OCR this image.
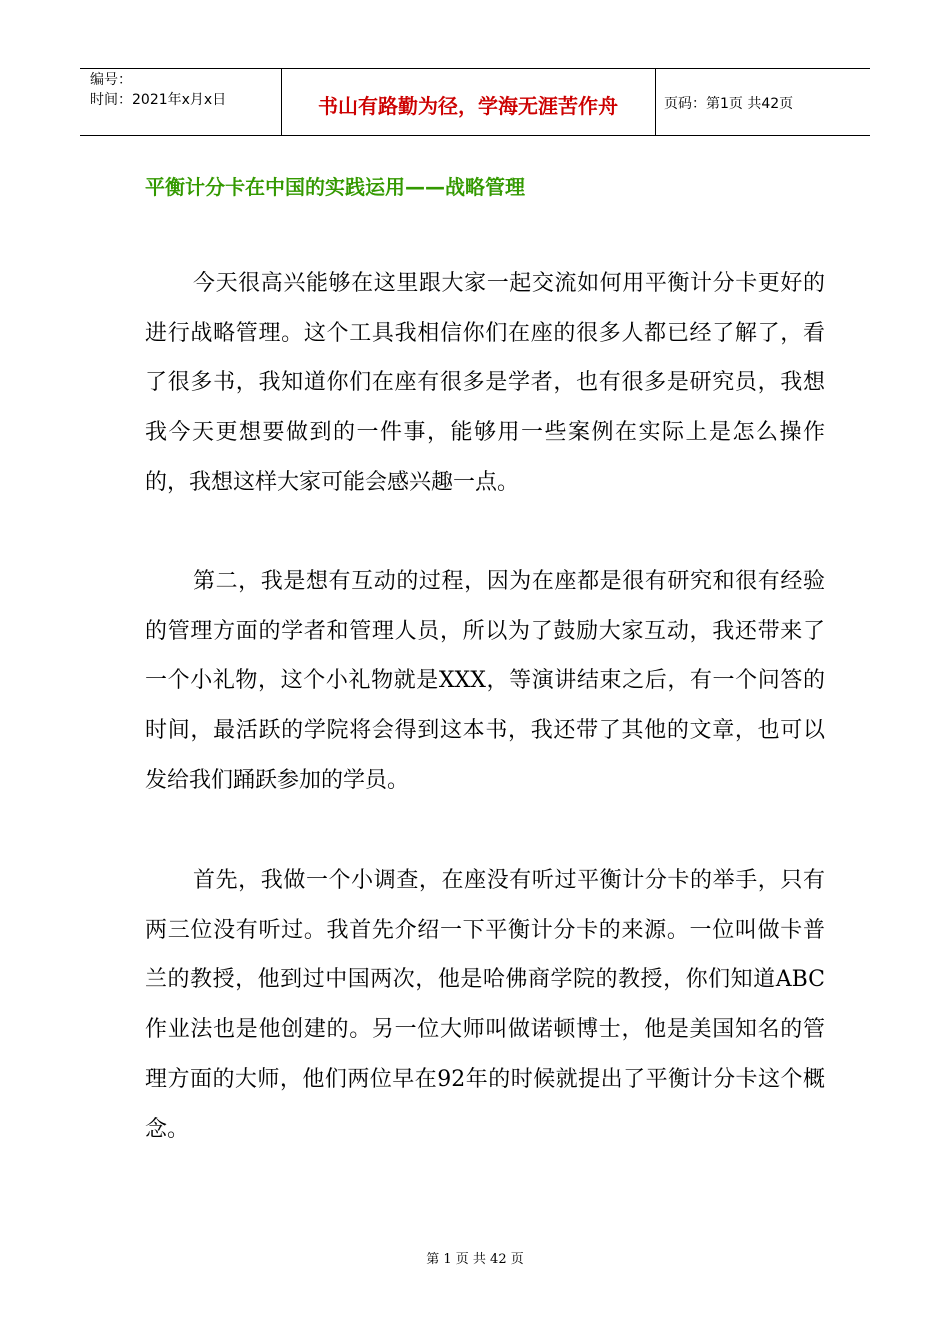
编号：
时间：2021年x月x日	书山有路勤为径，学海无涯苦作舟	页码：第1页 共42页
平衡计分卡在中国的实践运用——战略管理

今天很高兴能够在这里跟大家一起交流如何用平衡计分卡更好的进行战略管理。这个工具我相信你们在座的很多人都已经了解了，看了很多书，我知道你们在座有很多是学者，也有很多是研究员，我想我今天更想要做到的一件事，能够用一些案例在实际上是怎么操作的，我想这样大家可能会感兴趣一点。

第二，我是想有互动的过程，因为在座都是很有研究和很有经验的管理方面的学者和管理人员，所以为了鼓励大家互动，我还带来了一个小礼物，这个小礼物就是XXX，等演讲结束之后，有一个问答的时间，最活跃的学院将会得到这本书，我还带了其他的文章，也可以发给我们踊跃参加的学员。

首先，我做一个小调查，在座没有听过平衡计分卡的举手，只有两三位没有听过。我首先介绍一下平衡计分卡的来源。一位叫做卡普兰的教授，他到过中国两次，他是哈佛商学院的教授，你们知道ABC作业法也是他创建的。另一位大师叫做诺顿博士，他是美国知名的管理方面的大师，他们两位早在92年的时候就提出了平衡计分卡这个概念。

第 1 页 共 42 页
